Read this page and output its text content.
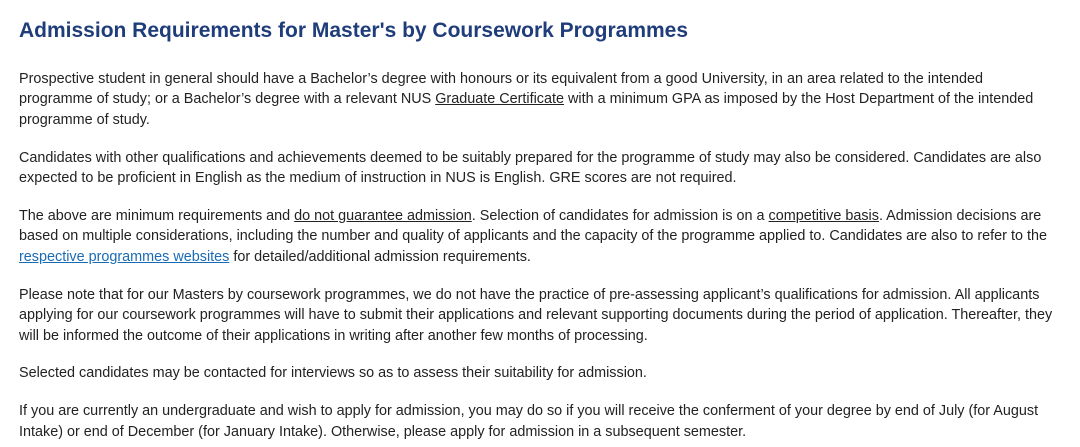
Admission Requirements for Master's by Coursework Programmes

Prospective student in general should have a Bachelor’s degree with honours or its equivalent from a good University, in an area related to the intended programme of study; or a Bachelor’s degree with a relevant NUS Graduate Certificate with a minimum GPA as imposed by the Host Department of the intended programme of study.

Candidates with other qualifications and achievements deemed to be suitably prepared for the programme of study may also be considered. Candidates are also expected to be proficient in English as the medium of instruction in NUS is English. GRE scores are not required.

The above are minimum requirements and do not guarantee admission. Selection of candidates for admission is on a competitive basis. Admission decisions are based on multiple considerations, including the number and quality of applicants and the capacity of the programme applied to. Candidates are also to refer to the respective programmes websites for detailed/additional admission requirements.

Please note that for our Masters by coursework programmes, we do not have the practice of pre-assessing applicant’s qualifications for admission. All applicants applying for our coursework programmes will have to submit their applications and relevant supporting documents during the period of application. Thereafter, they will be informed the outcome of their applications in writing after another few months of processing.

Selected candidates may be contacted for interviews so as to assess their suitability for admission.

If you are currently an undergraduate and wish to apply for admission, you may do so if you will receive the conferment of your degree by end of July (for August Intake) or end of December (for January Intake). Otherwise, please apply for admission in a subsequent semester.
